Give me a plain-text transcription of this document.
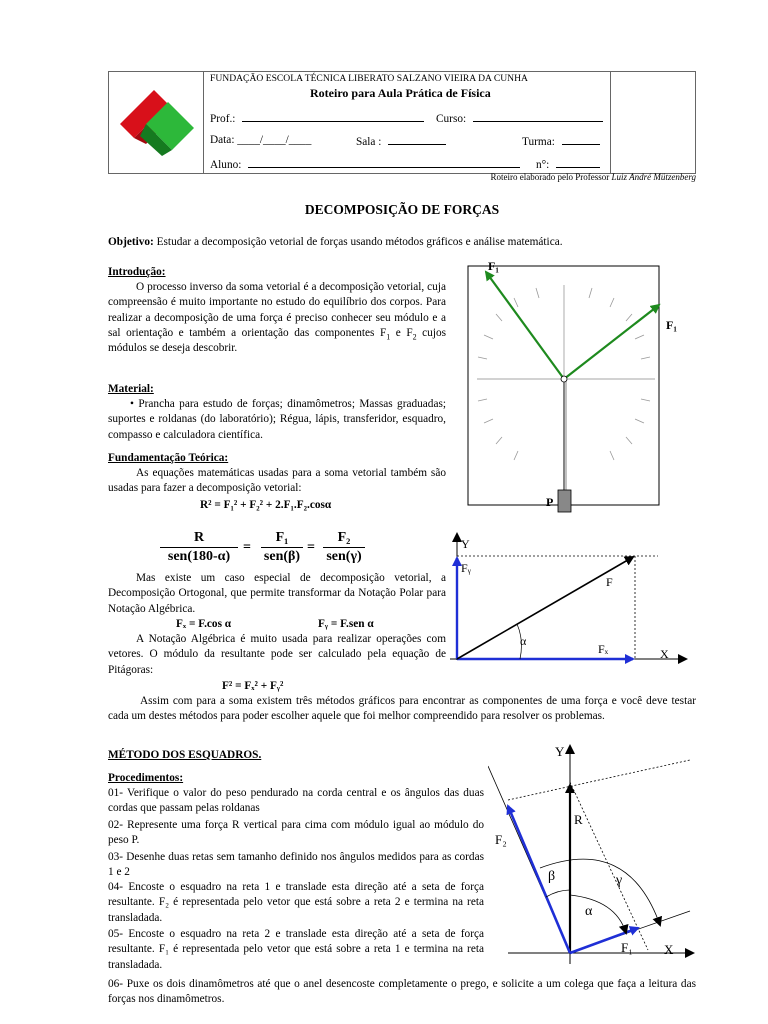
FUNDAÇÃO ESCOLA TÉCNICA LIBERATO SALZANO VIEIRA DA CUNHA
Roteiro para Aula Prática de Física
Prof.:	Curso:
Data: ____/____/____	Sala :	Turma:
Aluno:	n°:
Roteiro elaborado pelo Professor Luiz André Mützenberg
DECOMPOSIÇÃO DE FORÇAS
Objetivo: Estudar a decomposição vetorial de forças usando métodos gráficos e análise matemática.
Introdução:
O processo inverso da soma vetorial é a decomposição vetorial, cuja compreensão é muito importante no estudo do equilíbrio dos corpos. Para realizar a decomposição de uma força é preciso conhecer seu módulo e a sal orientação e também a orientação das componentes $F_1$ e $F_2$ cujos módulos se deseja descobrir.
Material:
• Prancha para estudo de forças; dinamômetros; Massas graduadas; suportes e roldanas (do laboratório); Régua, lápis, transferidor, esquadro, compasso e calculadora científica.
Fundamentação Teórica:
As equações matemáticas usadas para a soma vetorial também são usadas para fazer a decomposição vetorial:
R² = F₁² + F₂² + 2.F₁.F₂.cosα
R
sen(180-α)
=
F₁
sen(β)
=
F₂
sen(γ)
Mas existe um caso especial de decomposição vetorial, a Decomposição Ortogonal, que permite transformar da Notação Polar para Notação Algébrica.
Fₓ = F.cos α	Fᵧ = F.sen α
A Notação Algébrica é muito usada para realizar operações com vetores. O módulo da resultante pode ser calculado pela equação de Pitágoras:
F² = Fₓ² + Fᵧ²
Assim com para a soma existem três métodos gráficos para encontrar as componentes de uma força e você deve testar cada um destes métodos para poder escolher aquele que foi melhor compreendido para resolver os problemas.
MÉTODO DOS ESQUADROS.
Procedimentos:
01- Verifique o valor do peso pendurado na corda central e os ângulos das duas cordas que passam pelas roldanas
02- Represente uma força R vertical para cima com módulo igual ao módulo do peso P.
03- Desenhe duas retas sem tamanho definido nos ângulos medidos para as cordas 1 e 2
04- Encoste o esquadro na reta 1 e translade esta direção até a seta de força resultante. F₂ é representada pelo vetor que está sobre a reta 2 e termina na reta transladada.
05- Encoste o esquadro na reta 2 e translade esta direção até a seta de força resultante. F₁ é representada pelo vetor que está sobre a reta 1 e termina na reta transladada.
06- Puxe os dois dinamômetros até que o anel desencoste completamente o prego, e solicite a um colega que faça a leitura das forças nos dinamômetros.
F₁
F₁
P
Y
Fᵧ
F
α
Fₓ	X
Y
R
F₂
β	γ
α
F₁ X
